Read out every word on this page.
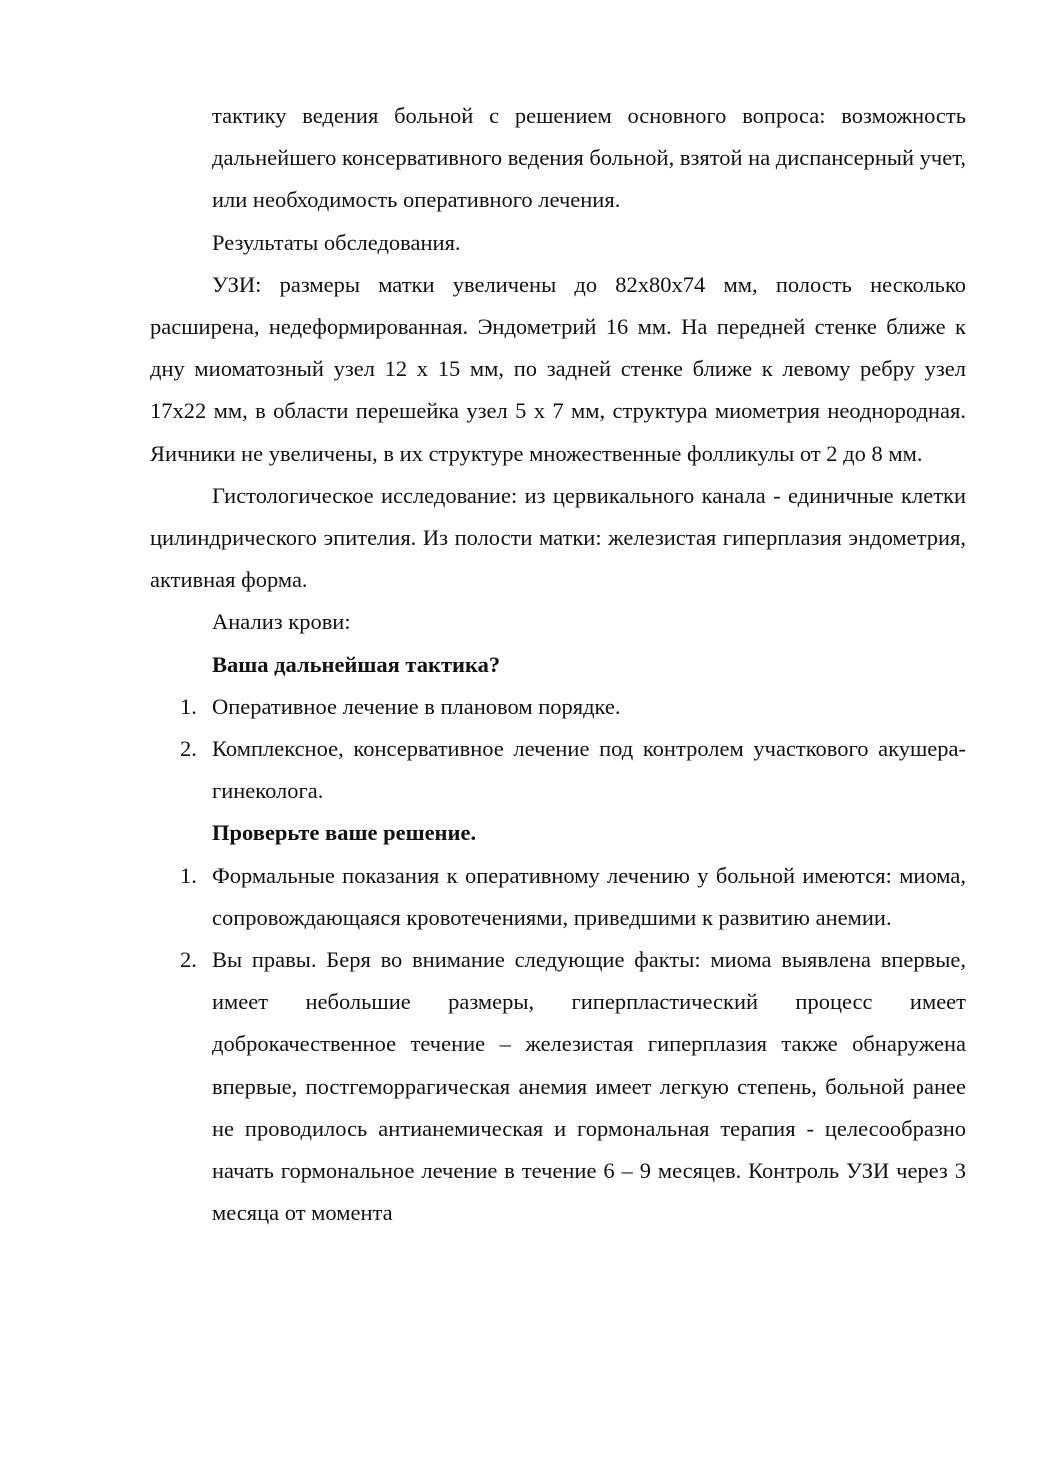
тактику ведения больной с решением основного вопроса: возможность дальнейшего консервативного ведения больной, взятой на диспансерный учет, или необходимость оперативного лечения.

Результаты обследования.

УЗИ: размеры матки увеличены до 82х80х74 мм, полость несколько расширена, недеформированная. Эндометрий 16 мм. На передней стенке ближе к дну миоматозный узел 12 х 15 мм, по задней стенке ближе к левому ребру узел 17х22 мм, в области перешейка узел 5 х 7 мм, структура миометрия неоднородная. Яичники не увеличены, в их структуре множественные фолликулы от 2 до 8 мм.

Гистологическое исследование: из цервикального канала - единичные клетки цилиндрического эпителия. Из полости матки: железистая гиперплазия эндометрия, активная форма.

Анализ крови:

Ваша дальнейшая тактика?

1. Оперативное лечение в плановом порядке.
2. Комплексное, консервативное лечение под контролем участкового акушера-гинеколога.

Проверьте ваше решение.

1. Формальные показания к оперативному лечению у больной имеются: миома, сопровождающаяся кровотечениями, приведшими к развитию анемии.
2. Вы правы. Беря во внимание следующие факты: миома выявлена впервые, имеет небольшие размеры, гиперпластический процесс имеет доброкачественное течение – железистая гиперплазия также обнаружена впервые, постгеморрагическая анемия имеет легкую степень, больной ранее не проводилось антианемическая и гормональная терапия - целесообразно начать гормональное лечение в течение 6 – 9 месяцев. Контроль УЗИ через 3 месяца от момента
